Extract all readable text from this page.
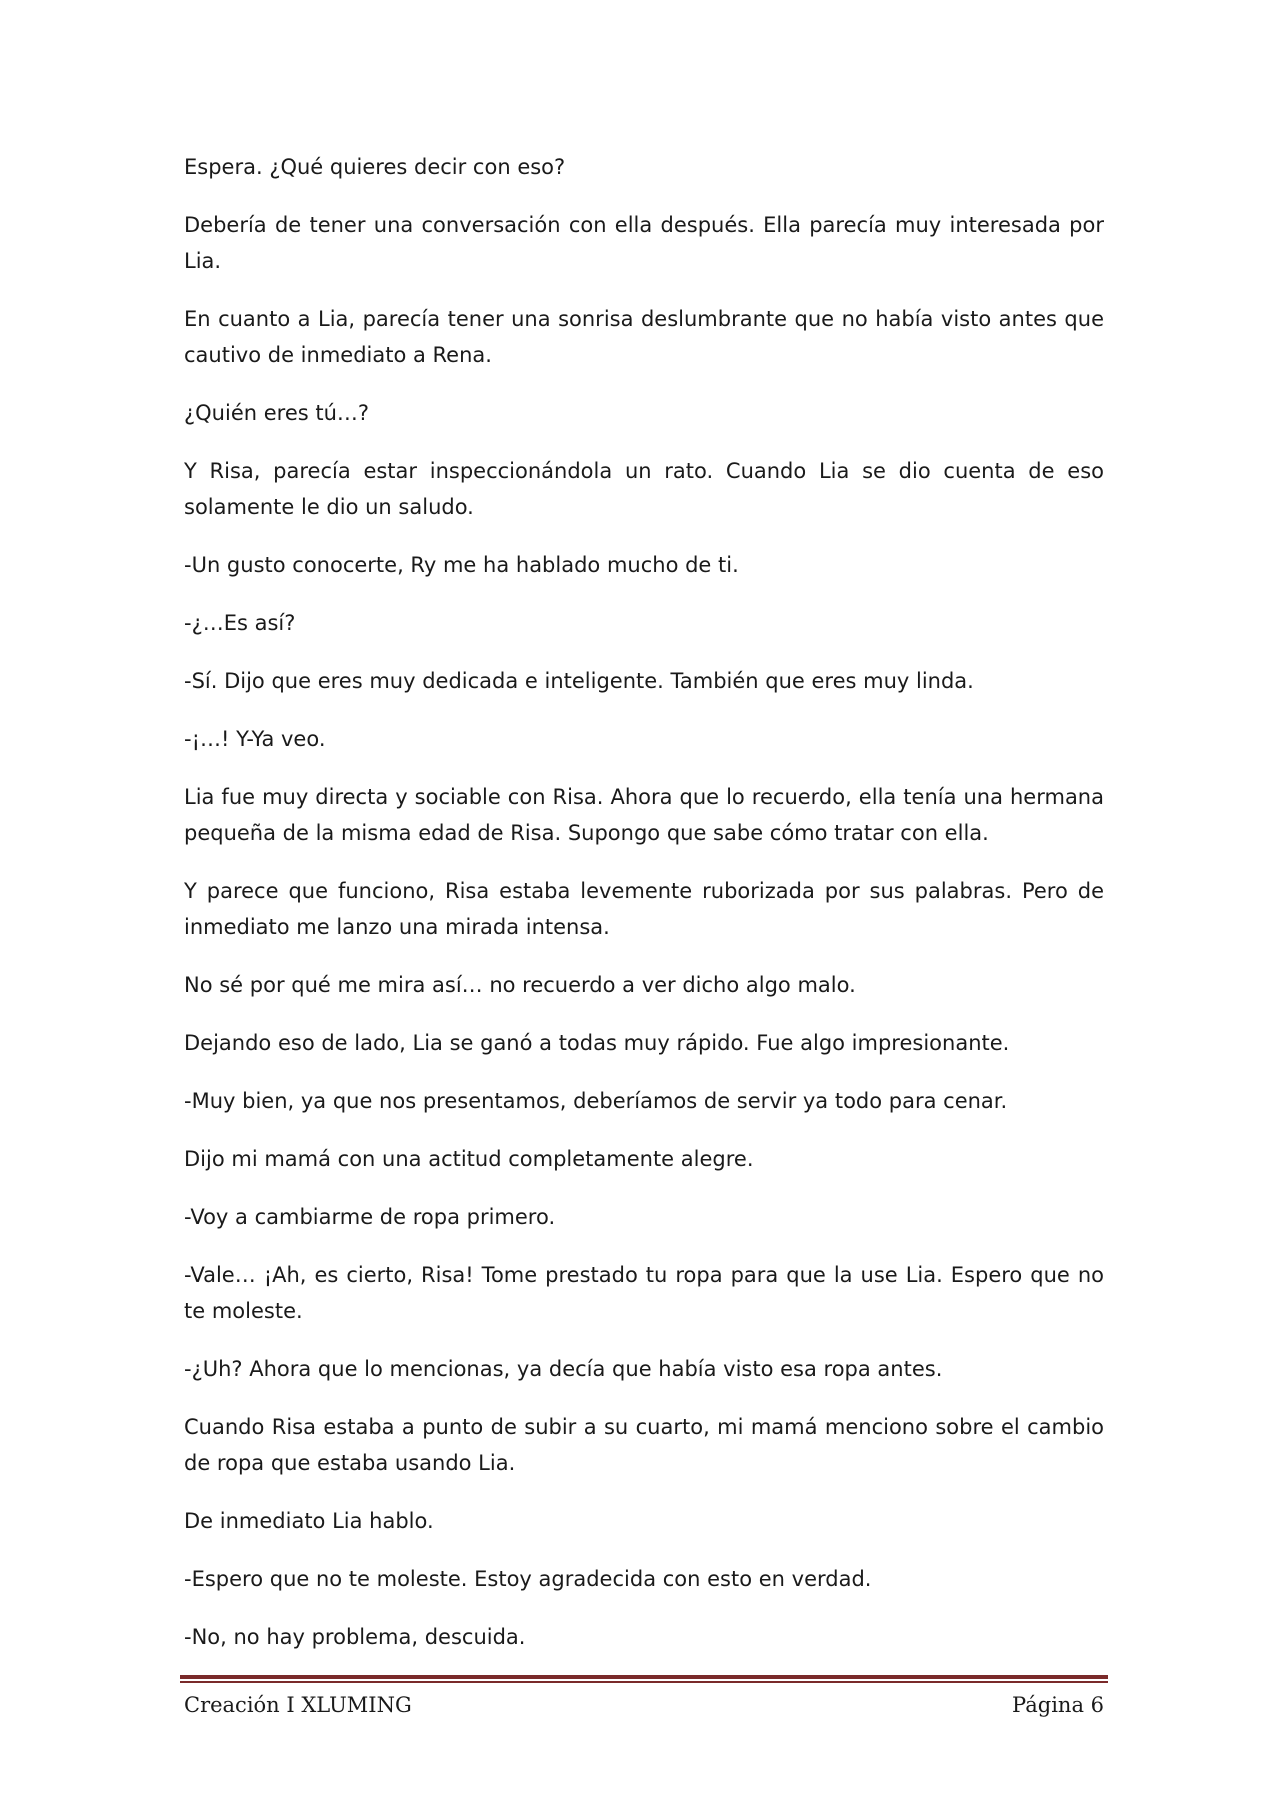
Espera. ¿Qué quieres decir con eso?

Debería de tener una conversación con ella después. Ella parecía muy interesada por Lia.

En cuanto a Lia, parecía tener una sonrisa deslumbrante que no había visto antes que cautivo de inmediato a Rena.

¿Quién eres tú…?

Y Risa, parecía estar inspeccionándola un rato. Cuando Lia se dio cuenta de eso solamente le dio un saludo.

-Un gusto conocerte, Ry me ha hablado mucho de ti.

-¿…Es así?

-Sí. Dijo que eres muy dedicada e inteligente. También que eres muy linda.

-¡…! Y-Ya veo.

Lia fue muy directa y sociable con Risa. Ahora que lo recuerdo, ella tenía una hermana pequeña de la misma edad de Risa. Supongo que sabe cómo tratar con ella.

Y parece que funciono, Risa estaba levemente ruborizada por sus palabras. Pero de inmediato me lanzo una mirada intensa.

No sé por qué me mira así… no recuerdo a ver dicho algo malo.

Dejando eso de lado, Lia se ganó a todas muy rápido. Fue algo impresionante.

-Muy bien, ya que nos presentamos, deberíamos de servir ya todo para cenar.

Dijo mi mamá con una actitud completamente alegre.

-Voy a cambiarme de ropa primero.

-Vale… ¡Ah, es cierto, Risa! Tome prestado tu ropa para que la use Lia. Espero que no te moleste.

-¿Uh? Ahora que lo mencionas, ya decía que había visto esa ropa antes.

Cuando Risa estaba a punto de subir a su cuarto, mi mamá menciono sobre el cambio de ropa que estaba usando Lia.

De inmediato Lia hablo.

-Espero que no te moleste. Estoy agradecida con esto en verdad.

-No, no hay problema, descuida.

Creación I XLUMING	Página 6
